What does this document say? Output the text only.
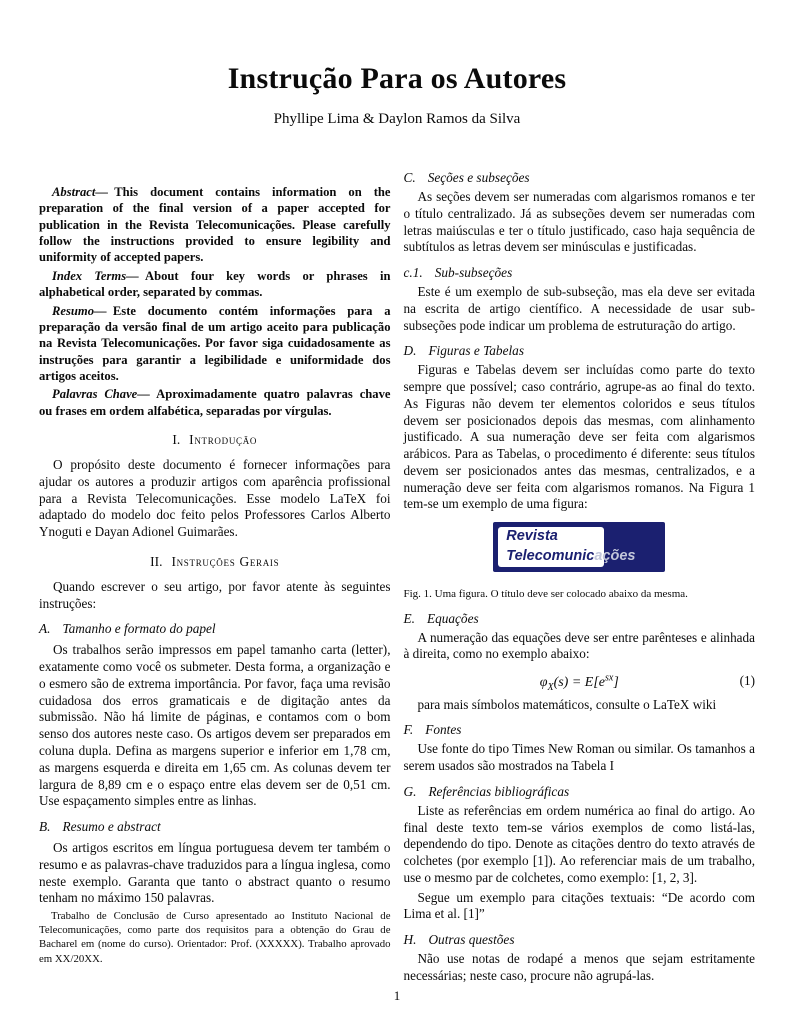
Instrução Para os Autores
Phyllipe Lima & Daylon Ramos da Silva

Abstract— This document contains information on the preparation of the final version of a paper accepted for publication in the Revista Telecomunicações. Please carefully follow the instructions provided to ensure legibility and uniformity of accepted papers.

Index Terms— About four key words or phrases in alphabetical order, separated by commas.

Resumo— Este documento contém informações para a preparação da versão final de um artigo aceito para publicação na Revista Telecomunicações. Por favor siga cuidadosamente as instruções para garantir a legibilidade e uniformidade dos artigos aceitos.

Palavras Chave— Aproximadamente quatro palavras chave ou frases em ordem alfabética, separadas por vírgulas.

I. Introdução

O propósito deste documento é fornecer informações para ajudar os autores a produzir artigos com aparência profissional para a Revista Telecomunicações. Esse modelo LaTeX foi adaptado do modelo doc feito pelos Professores Carlos Alberto Ynoguti e Dayan Adionel Guimarães.

II. Instruções Gerais

Quando escrever o seu artigo, por favor atente às seguintes instruções:

A. Tamanho e formato do papel

Os trabalhos serão impressos em papel tamanho carta (letter), exatamente como você os submeter. Desta forma, a organização e o esmero são de extrema importância. Por favor, faça uma revisão cuidadosa dos erros gramaticais e de digitação antes da submissão. Não há limite de páginas, e contamos com o bom senso dos autores neste caso. Os artigos devem ser preparados em coluna dupla. Defina as margens superior e inferior em 1,78 cm, as margens esquerda e direita em 1,65 cm. As colunas devem ter largura de 8,89 cm e o espaço entre elas devem ser de 0,51 cm. Use espaçamento simples entre as linhas.

B. Resumo e abstract

Os artigos escritos em língua portuguesa devem ter também o resumo e as palavras-chave traduzidos para a língua inglesa, como neste exemplo. Garanta que tanto o abstract quanto o resumo tenham no máximo 150 palavras.

Trabalho de Conclusão de Curso apresentado ao Instituto Nacional de Telecomunicações, como parte dos requisitos para a obtenção do Grau de Bacharel em (nome do curso). Orientador: Prof. (XXXXX). Trabalho aprovado em XX/20XX.
C. Seções e subseções

As seções devem ser numeradas com algarismos romanos e ter o título centralizado. Já as subseções devem ser numeradas com letras maiúsculas e ter o título justificado, caso haja sequência de subtítulos as letras devem ser minúsculas e justificadas.

c.1. Sub-subseções

Este é um exemplo de sub-subseção, mas ela deve ser evitada na escrita de artigo científico. A necessidade de usar sub-subseções pode indicar um problema de estruturação do artigo.

D. Figuras e Tabelas

Figuras e Tabelas devem ser incluídas como parte do texto sempre que possível; caso contrário, agrupe-as ao final do texto. As Figuras não devem ter elementos coloridos e seus títulos devem ser posicionados depois das mesmas, com alinhamento justificado. A sua numeração deve ser feita com algarismos arábicos. Para as Tabelas, o procedimento é diferente: seus títulos devem ser posicionados antes das mesmas, centralizados, e a numeração deve ser feita com algarismos romanos. Na Figura 1 tem-se um exemplo de uma figura:

Revista
Telecomunicações

Fig. 1. Uma figura. O título deve ser colocado abaixo da mesma.

E. Equações

A numeração das equações deve ser entre parênteses e alinhada à direita, como no exemplo abaixo:

$\varphi_X(s) = E[e^{sx}]$	(1)

para mais símbolos matemáticos, consulte o LaTeX wiki

F. Fontes

Use fonte do tipo Times New Roman ou similar. Os tamanhos a serem usados são mostrados na Tabela I

G. Referências bibliográficas

Liste as referências em ordem numérica ao final do artigo. Ao final deste texto tem-se vários exemplos de como listá-las, dependendo do tipo. Denote as citações dentro do texto através de colchetes (por exemplo [1]). Ao referenciar mais de um trabalho, use o mesmo par de colchetes, como exemplo: [1, 2, 3].

Segue um exemplo para citações textuais: “De acordo com Lima et al. [1]”

H. Outras questões

Não use notas de rodapé a menos que sejam estritamente necessárias; neste caso, procure não agrupá-las.

1
